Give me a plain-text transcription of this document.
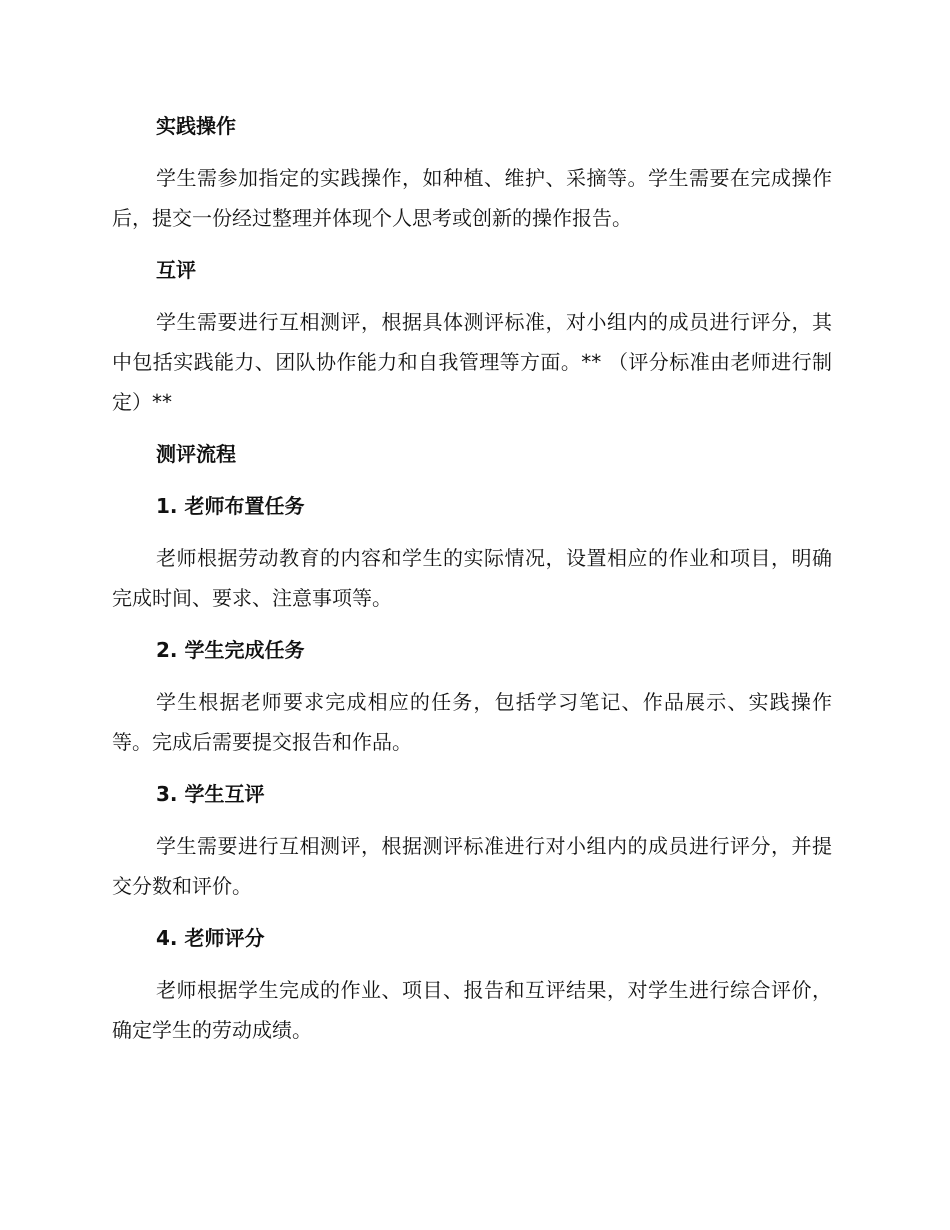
实践操作

学生需参加指定的实践操作，如种植、维护、采摘等。学生需要在完成操作后，提交一份经过整理并体现个人思考或创新的操作报告。

互评

学生需要进行互相测评，根据具体测评标准，对小组内的成员进行评分，其中包括实践能力、团队协作能力和自我管理等方面。** （评分标准由老师进行制定）**

测评流程
1. 老师布置任务

老师根据劳动教育的内容和学生的实际情况，设置相应的作业和项目，明确完成时间、要求、注意事项等。

2. 学生完成任务

学生根据老师要求完成相应的任务，包括学习笔记、作品展示、实践操作等。完成后需要提交报告和作品。

3. 学生互评

学生需要进行互相测评，根据测评标准进行对小组内的成员进行评分，并提交分数和评价。

4. 老师评分

老师根据学生完成的作业、项目、报告和互评结果，对学生进行综合评价，确定学生的劳动成绩。
